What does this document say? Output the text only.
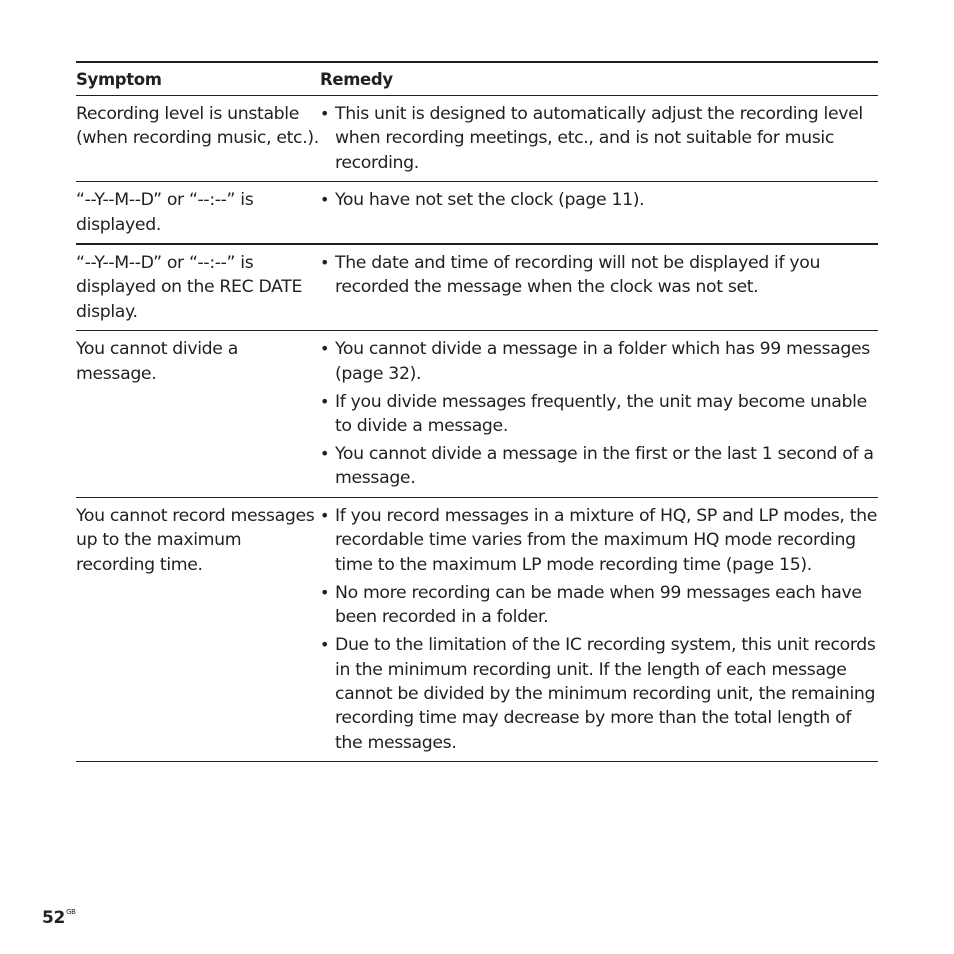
Symptom	Remedy
Recording level is unstable (when recording music, etc.).
• This unit is designed to automatically adjust the recording level when recording meetings, etc., and is not suitable for music recording.
“--Y--M--D” or “--:--” is displayed.
• You have not set the clock (page 11).
“--Y--M--D” or “--:--” is displayed on the REC DATE display.
• The date and time of recording will not be displayed if you recorded the message when the clock was not set.
You cannot divide a message.
• You cannot divide a message in a folder which has 99 messages (page 32).
• If you divide messages frequently, the unit may become unable to divide a message.
• You cannot divide a message in the first or the last 1 second of a message.
You cannot record messages up to the maximum recording time.
• If you record messages in a mixture of HQ, SP and LP modes, the recordable time varies from the maximum HQ mode recording time to the maximum LP mode recording time (page 15).
• No more recording can be made when 99 messages each have been recorded in a folder.
• Due to the limitation of the IC recording system, this unit records in the minimum recording unit. If the length of each message cannot be divided by the minimum recording unit, the remaining recording time may decrease by more than the total length of the messages.
$52^{GB}$
